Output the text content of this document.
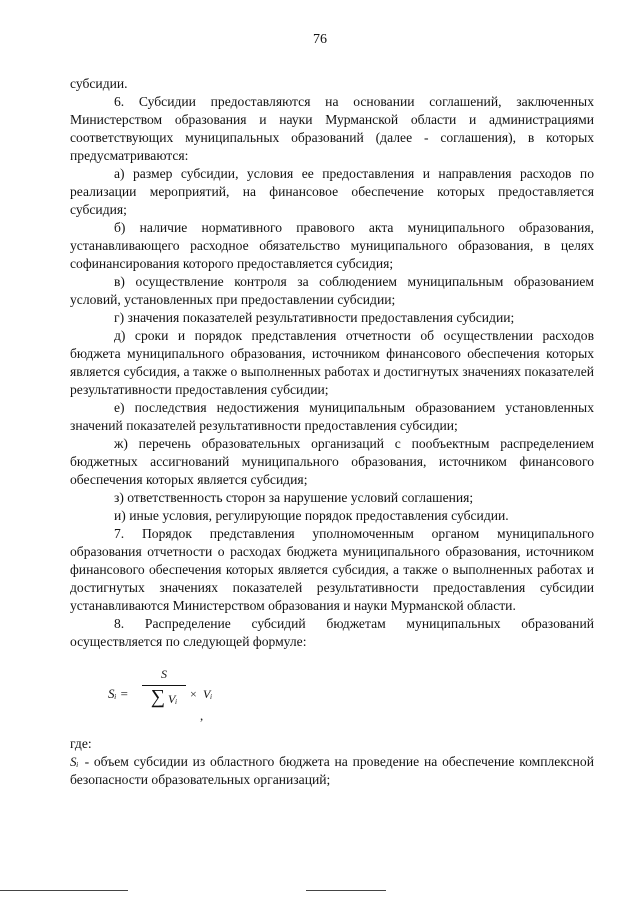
76

субсидии.

6. Субсидии предоставляются на основании соглашений, заключенных Министерством образования и науки Мурманской области и администрациями соответствующих муниципальных образований (далее - соглашения), в которых предусматриваются:

а) размер субсидии, условия ее предоставления и направления расходов по реализации мероприятий, на финансовое обеспечение которых предоставляется субсидия;

б) наличие нормативного правового акта муниципального образования, устанавливающего расходное обязательство муниципального образования, в целях софинансирования которого предоставляется субсидия;

в) осуществление контроля за соблюдением муниципальным образованием условий, установленных при предоставлении субсидии;

г) значения показателей результативности предоставления субсидии;

д) сроки и порядок представления отчетности об осуществлении расходов бюджета муниципального образования, источником финансового обеспечения которых является субсидия, а также о выполненных работах и достигнутых значениях показателей результативности предоставления субсидии;

е) последствия недостижения муниципальным образованием установленных значений показателей результативности предоставления субсидии;

ж) перечень образовательных организаций с пообъектным распределением бюджетных ассигнований муниципального образования, источником финансового обеспечения которых является субсидия;

з) ответственность сторон за нарушение условий соглашения;

и) иные условия, регулирующие порядок предоставления субсидии.

7. Порядок представления уполномоченным органом муниципального образования отчетности о расходах бюджета муниципального образования, источником финансового обеспечения которых является субсидия, а также о выполненных работах и достигнутых значениях показателей результативности предоставления субсидии устанавливаются Министерством образования и науки Мурманской области.

8. Распределение субсидий бюджетам муниципальных образований осуществляется по следующей формуле:

Sᵢ =
S
∑ Vᵢ	× Vᵢ
,

где:

Sᵢ - объем субсидии из областного бюджета на проведение на обеспечение комплексной безопасности образовательных организаций;
